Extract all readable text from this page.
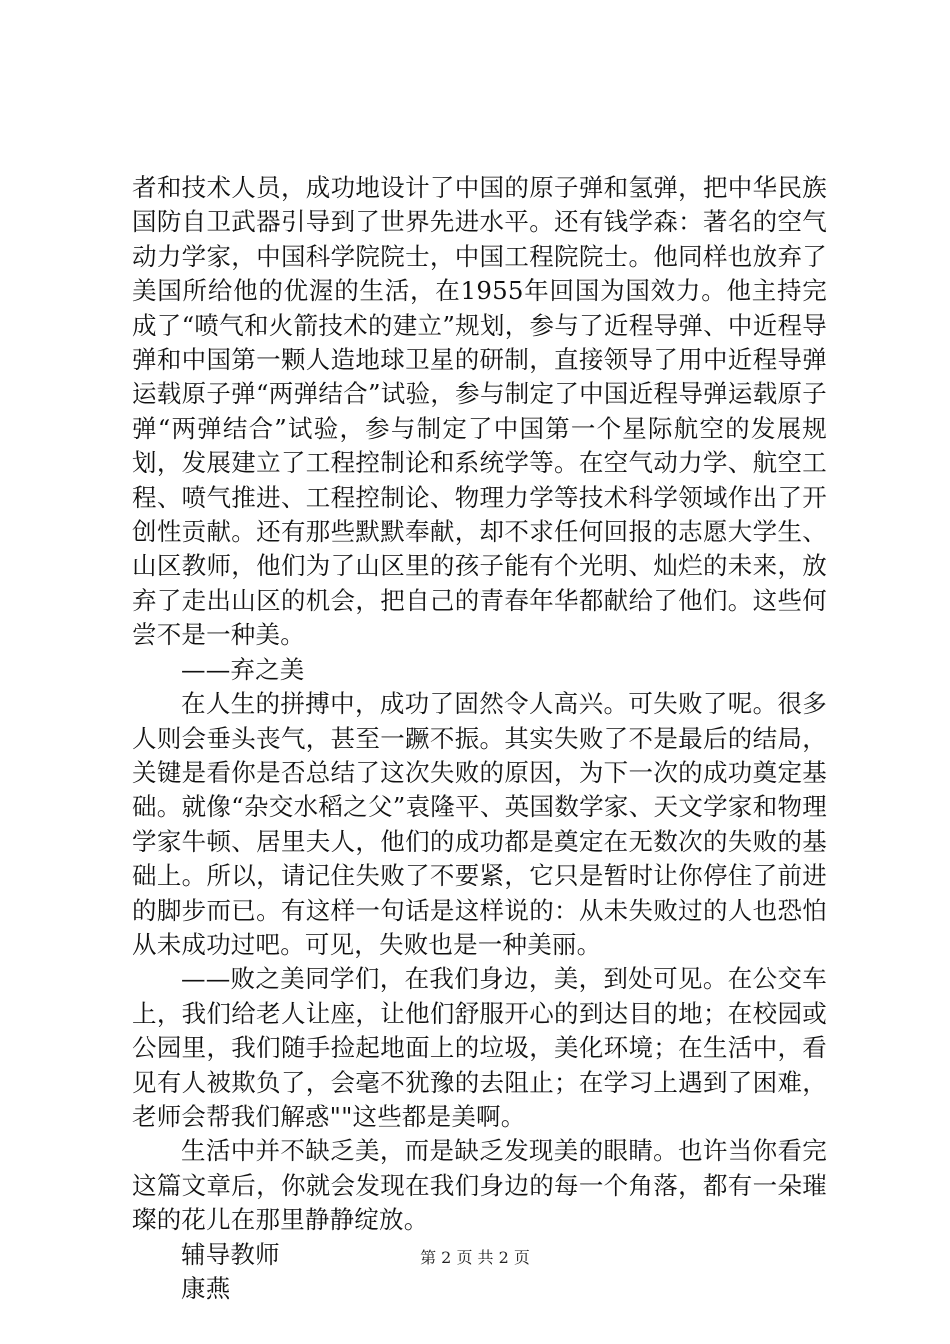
者和技术人员，成功地设计了中国的原子弹和氢弹，把中华民族国防自卫武器引导到了世界先进水平。还有钱学森：著名的空气动力学家，中国科学院院士，中国工程院院士。他同样也放弃了美国所给他的优渥的生活，在1955年回国为国效力。他主持完成了“喷气和火箭技术的建立”规划，参与了近程导弹、中近程导弹和中国第一颗人造地球卫星的研制，直接领导了用中近程导弹运载原子弹“两弹结合”试验，参与制定了中国近程导弹运载原子弹“两弹结合”试验，参与制定了中国第一个星际航空的发展规划，发展建立了工程控制论和系统学等。在空气动力学、航空工程、喷气推进、工程控制论、物理力学等技术科学领域作出了开创性贡献。还有那些默默奉献，却不求任何回报的志愿大学生、山区教师，他们为了山区里的孩子能有个光明、灿烂的未来，放弃了走出山区的机会，把自己的青春年华都献给了他们。这些何尝不是一种美。

——弃之美

在人生的拼搏中，成功了固然令人高兴。可失败了呢。很多人则会垂头丧气，甚至一蹶不振。其实失败了不是最后的结局，关键是看你是否总结了这次失败的原因，为下一次的成功奠定基础。就像“杂交水稻之父”袁隆平、英国数学家、天文学家和物理学家牛顿、居里夫人，他们的成功都是奠定在无数次的失败的基础上。所以，请记住失败了不要紧，它只是暂时让你停住了前进的脚步而已。有这样一句话是这样说的：从未失败过的人也恐怕从未成功过吧。可见，失败也是一种美丽。

——败之美同学们，在我们身边，美，到处可见。在公交车上，我们给老人让座，让他们舒服开心的到达目的地；在校园或公园里，我们随手捡起地面上的垃圾，美化环境；在生活中，看见有人被欺负了，会毫不犹豫的去阻止；在学习上遇到了困难，老师会帮我们解惑""这些都是美啊。

生活中并不缺乏美，而是缺乏发现美的眼睛。也许当你看完这篇文章后，你就会发现在我们身边的每一个角落，都有一朵璀璨的花儿在那里静静绽放。

辅导教师

康燕

第 2 页 共 2 页
